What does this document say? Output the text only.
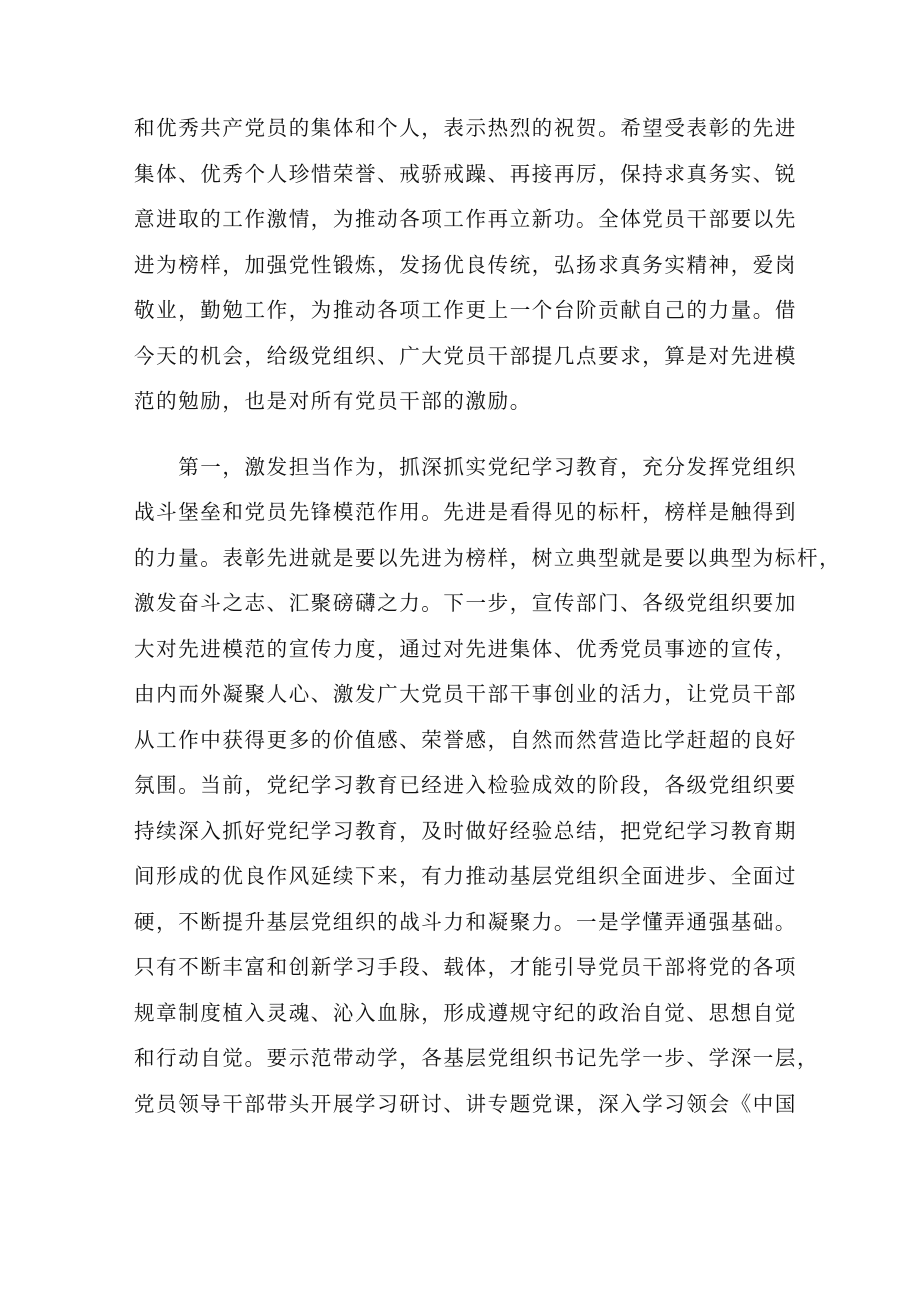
和优秀共产党员的集体和个人，表示热烈的祝贺。希望受表彰的先进
集体、优秀个人珍惜荣誉、戒骄戒躁、再接再厉，保持求真务实、锐
意进取的工作激情，为推动各项工作再立新功。全体党员干部要以先
进为榜样，加强党性锻炼，发扬优良传统，弘扬求真务实精神，爱岗
敬业，勤勉工作，为推动各项工作更上一个台阶贡献自己的力量。借
今天的机会，给级党组织、广大党员干部提几点要求，算是对先进模
范的勉励，也是对所有党员干部的激励。
　　第一，激发担当作为，抓深抓实党纪学习教育，充分发挥党组织
战斗堡垒和党员先锋模范作用。先进是看得见的标杆，榜样是触得到
的力量。表彰先进就是要以先进为榜样，树立典型就是要以典型为标杆，
激发奋斗之志、汇聚磅礴之力。下一步，宣传部门、各级党组织要加
大对先进模范的宣传力度，通过对先进集体、优秀党员事迹的宣传，
由内而外凝聚人心、激发广大党员干部干事创业的活力，让党员干部
从工作中获得更多的价值感、荣誉感，自然而然营造比学赶超的良好
氛围。当前，党纪学习教育已经进入检验成效的阶段，各级党组织要
持续深入抓好党纪学习教育，及时做好经验总结，把党纪学习教育期
间形成的优良作风延续下来，有力推动基层党组织全面进步、全面过
硬，不断提升基层党组织的战斗力和凝聚力。一是学懂弄通强基础。
只有不断丰富和创新学习手段、载体，才能引导党员干部将党的各项
规章制度植入灵魂、沁入血脉，形成遵规守纪的政治自觉、思想自觉
和行动自觉。要示范带动学，各基层党组织书记先学一步、学深一层，
党员领导干部带头开展学习研讨、讲专题党课，深入学习领会《中国
